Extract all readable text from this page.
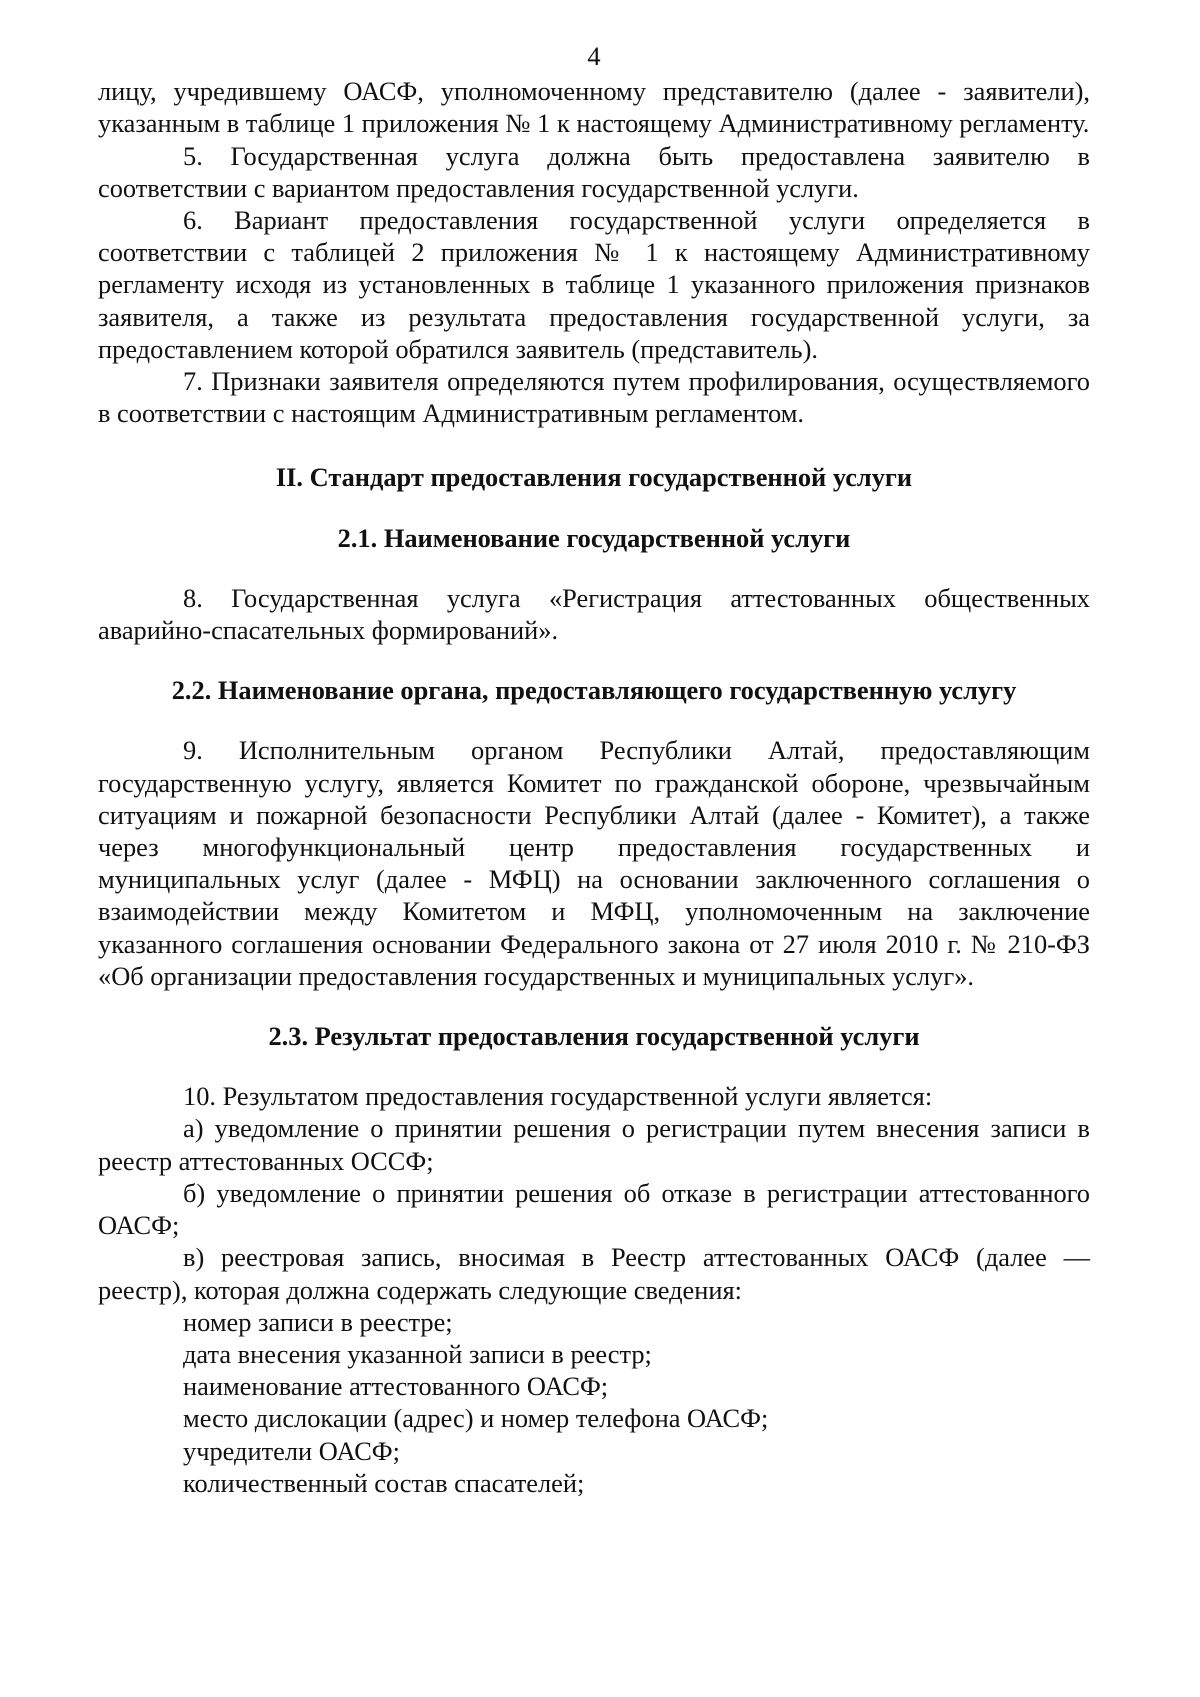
4

лицу, учредившему ОАСФ, уполномоченному представителю (далее - заявители), указанным в таблице 1 приложения № 1 к настоящему Административному регламенту.

5. Государственная услуга должна быть предоставлена заявителю в соответствии с вариантом предоставления государственной услуги.

6. Вариант предоставления государственной услуги определяется в соответствии с таблицей 2 приложения № 1 к настоящему Административному регламенту исходя из установленных в таблице 1 указанного приложения признаков заявителя, а также из результата предоставления государственной услуги, за предоставлением которой обратился заявитель (представитель).

7. Признаки заявителя определяются путем профилирования, осуществляемого в соответствии с настоящим Административным регламентом.

II. Стандарт предоставления государственной услуги
2.1. Наименование государственной услуги

8. Государственная услуга «Регистрация аттестованных общественных аварийно-спасательных формирований».

2.2. Наименование органа, предоставляющего государственную услугу

9. Исполнительным органом Республики Алтай, предоставляющим государственную услугу, является Комитет по гражданской обороне, чрезвычайным ситуациям и пожарной безопасности Республики Алтай (далее - Комитет), а также через многофункциональный центр предоставления государственных и муниципальных услуг (далее - МФЦ) на основании заключенного соглашения о взаимодействии между Комитетом и МФЦ, уполномоченным на заключение указанного соглашения основании Федерального закона от 27 июля 2010 г. № 210-ФЗ «Об организации предоставления государственных и муниципальных услуг».

2.3. Результат предоставления государственной услуги

10. Результатом предоставления государственной услуги является:

а) уведомление о принятии решения о регистрации путем внесения записи в реестр аттестованных ОССФ;

б) уведомление о принятии решения об отказе в регистрации аттестованного ОАСФ;

в) реестровая запись, вносимая в Реестр аттестованных ОАСФ (далее — реестр), которая должна содержать следующие сведения:

номер записи в реестре;

дата внесения указанной записи в реестр;

наименование аттестованного ОАСФ;

место дислокации (адрес) и номер телефона ОАСФ;

учредители ОАСФ;

количественный состав спасателей;
